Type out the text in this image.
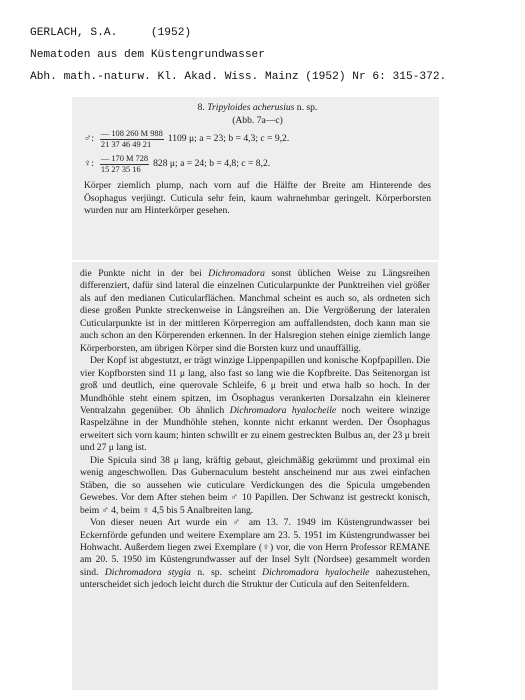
GERLACH, S.A.	(1952)
Nematoden aus dem Küstengrundwasser
Abh. math.-naturw. Kl. Akad. Wiss. Mainz (1952) Nr 6: 315-372.
8. Tripyloides acherusius n. sp.
(Abb. 7a—c)
♂: $\frac{— 108 260 M 988}{21 37 46 49 21} 1109$ μ; a = 23; b = 4,3; c = 9,2.
♀: $\frac{— 170 M 728}{15 27 35 16} 828$ μ; a = 24; b = 4,8; c = 8,2.
Körper ziemlich plump, nach vorn auf die Hälfte der Breite am Hinterende des Ösophagus verjüngt. Cuticula sehr fein, kaum wahrnehmbar geringelt. Körperborsten wurden nur am Hinterkörper gesehen.

die Punkte nicht in der bei Dichromadora sonst üblichen Weise zu Längsreihen differenziert, dafür sind lateral die einzelnen Cuticularpunkte der Punktreihen viel größer als auf den medianen Cuticularflächen. Manchmal scheint es auch so, als ordneten sich diese großen Punkte streckenweise in Längsreihen an. Die Vergrößerung der lateralen Cuticularpunkte ist in der mittleren Körperregion am auffallendsten, doch kann man sie auch schon an den Körperenden erkennen. In der Halsregion stehen einige ziemlich lange Körperborsten, am übrigen Körper sind die Borsten kurz und unauffällig.

Der Kopf ist abgestutzt, er trägt winzige Lippenpapillen und konische Kopfpapillen. Die vier Kopfborsten sind 11 μ lang, also fast so lang wie die Kopfbreite. Das Seitenorgan ist groß und deutlich, eine querovale Schleife, 6 μ breit und etwa halb so hoch. In der Mundhöhle steht einem spitzen, im Ösophagus verankerten Dorsalzahn ein kleinerer Ventralzahn gegenüber. Ob ähnlich Dichromadora hyalocheile noch weitere winzige Raspelzähne in der Mundhöhle stehen, konnte nicht erkannt werden. Der Ösophagus erweitert sich vorn kaum; hinten schwillt er zu einem gestreckten Bulbus an, der 23 μ breit und 27 μ lang ist.

Die Spicula sind 38 μ lang, kräftig gebaut, gleichmäßig gekrümmt und proximal ein wenig angeschwollen. Das Gubernaculum besteht anscheinend nur aus zwei einfachen Stäben, die so aussehen wie cuticulare Verdickungen des die Spicula umgebenden Gewebes. Vor dem After stehen beim ♂ 10 Papillen. Der Schwanz ist gestreckt konisch, beim ♂ 4, beim ♀ 4,5 bis 5 Analbreiten lang.

Von dieser neuen Art wurde ein ♂ am 13. 7. 1949 im Küstengrundwasser bei Eckernförde gefunden und weitere Exemplare am 23. 5. 1951 im Küstengrundwasser bei Hohwacht. Außerdem liegen zwei Exemplare (♀) vor, die von Herrn Professor REMANE am 20. 5. 1950 im Küstengrundwasser auf der Insel Sylt (Nordsee) gesammelt worden sind. Dichromadora stygia n. sp. scheint Dichromadora hyalocheile nahezustehen, unterscheidet sich jedoch leicht durch die Struktur der Cuticula auf den Seitenfeldern.
